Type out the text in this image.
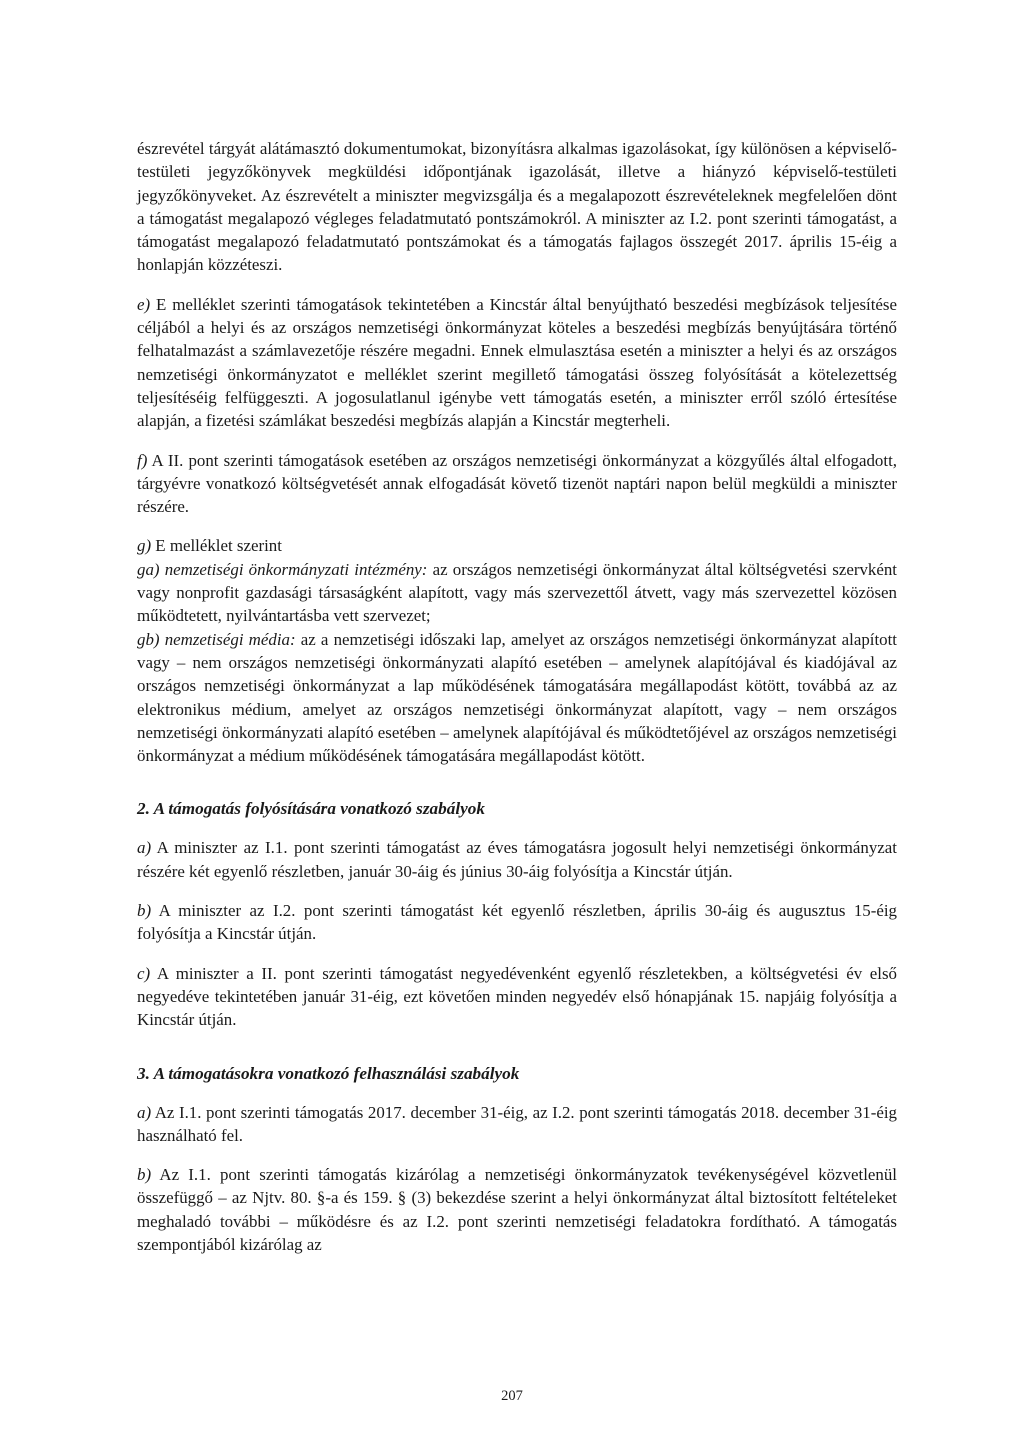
észrevétel tárgyát alátámasztó dokumentumokat, bizonyításra alkalmas igazolásokat, így különösen a képviselő-testületi jegyzőkönyvek megküldési időpontjának igazolását, illetve a hiányzó képviselő-testületi jegyzőkönyveket. Az észrevételt a miniszter megvizsgálja és a megalapozott észrevételeknek megfelelően dönt a támogatást megalapozó végleges feladatmutató pontszámokról. A miniszter az I.2. pont szerinti támogatást, a támogatást megalapozó feladatmutató pontszámokat és a támogatás fajlagos összegét 2017. április 15-éig a honlapján közzéteszi.

e) E melléklet szerinti támogatások tekintetében a Kincstár által benyújtható beszedési megbízások teljesítése céljából a helyi és az országos nemzetiségi önkormányzat köteles a beszedési megbízás benyújtására történő felhatalmazást a számlavezetője részére megadni. Ennek elmulasztása esetén a miniszter a helyi és az országos nemzetiségi önkormányzatot e melléklet szerint megillető támogatási összeg folyósítását a kötelezettség teljesítéséig felfüggeszti. A jogosulatlanul igénybe vett támogatás esetén, a miniszter erről szóló értesítése alapján, a fizetési számlákat beszedési megbízás alapján a Kincstár megterheli.

f) A II. pont szerinti támogatások esetében az országos nemzetiségi önkormányzat a közgyűlés által elfogadott, tárgyévre vonatkozó költségvetését annak elfogadását követő tizenöt naptári napon belül megküldi a miniszter részére.

g) E melléklet szerint

ga) nemzetiségi önkormányzati intézmény: az országos nemzetiségi önkormányzat által költségvetési szervként vagy nonprofit gazdasági társaságként alapított, vagy más szervezettől átvett, vagy más szervezettel közösen működtetett, nyilvántartásba vett szervezet;

gb) nemzetiségi média: az a nemzetiségi időszaki lap, amelyet az országos nemzetiségi önkormányzat alapított vagy – nem országos nemzetiségi önkormányzati alapító esetében – amelynek alapítójával és kiadójával az országos nemzetiségi önkormányzat a lap működésének támogatására megállapodást kötött, továbbá az az elektronikus médium, amelyet az országos nemzetiségi önkormányzat alapított, vagy – nem országos nemzetiségi önkormányzati alapító esetében – amelynek alapítójával és működtetőjével az országos nemzetiségi önkormányzat a médium működésének támogatására megállapodást kötött.

2. A támogatás folyósítására vonatkozó szabályok

a) A miniszter az I.1. pont szerinti támogatást az éves támogatásra jogosult helyi nemzetiségi önkormányzat részére két egyenlő részletben, január 30-áig és június 30-áig folyósítja a Kincstár útján.

b) A miniszter az I.2. pont szerinti támogatást két egyenlő részletben, április 30-áig és augusztus 15-éig folyósítja a Kincstár útján.

c) A miniszter a II. pont szerinti támogatást negyedévenként egyenlő részletekben, a költségvetési év első negyedéve tekintetében január 31-éig, ezt követően minden negyedév első hónapjának 15. napjáig folyósítja a Kincstár útján.

3. A támogatásokra vonatkozó felhasználási szabályok

a) Az I.1. pont szerinti támogatás 2017. december 31-éig, az I.2. pont szerinti támogatás 2018. december 31-éig használható fel.

b) Az I.1. pont szerinti támogatás kizárólag a nemzetiségi önkormányzatok tevékenységével közvetlenül összefüggő – az Njtv. 80. §-a és 159. § (3) bekezdése szerint a helyi önkormányzat által biztosított feltételeket meghaladó további – működésre és az I.2. pont szerinti nemzetiségi feladatokra fordítható. A támogatás szempontjából kizárólag az

207
